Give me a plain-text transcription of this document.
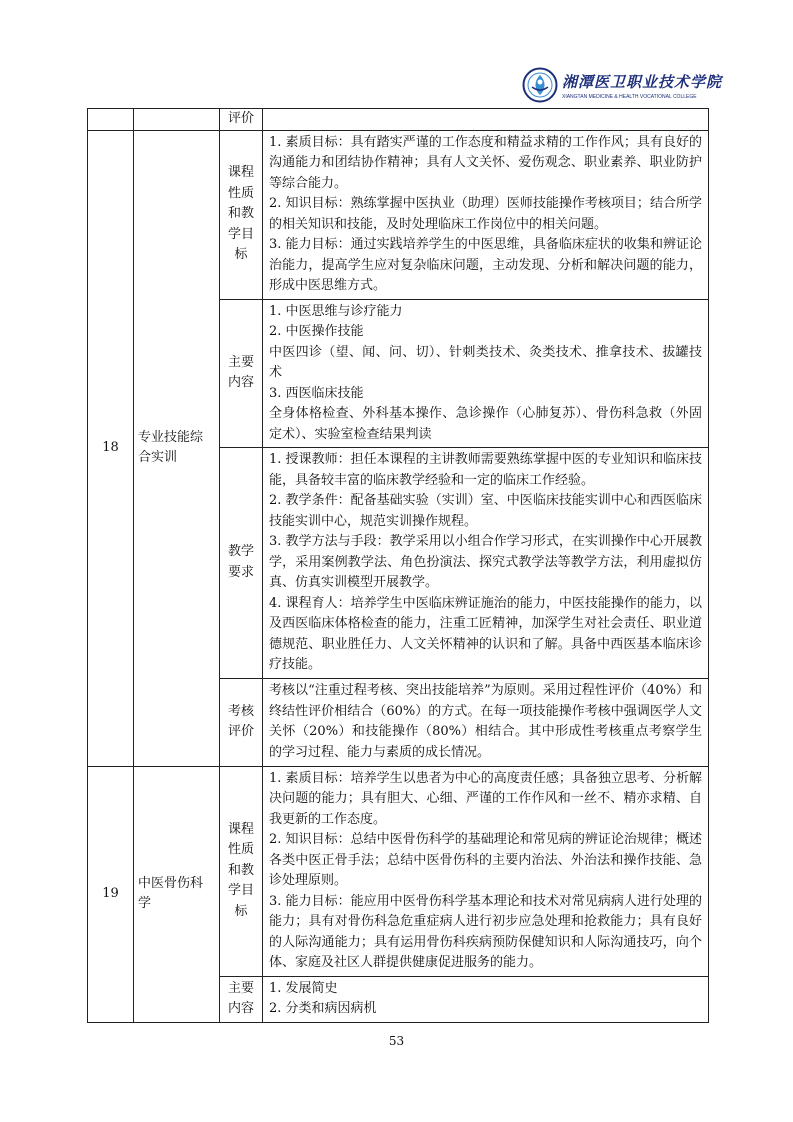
湘潭医卫职业技术学院
XIANGTAN MEDICINE & HEALTH VOCATIONAL COLLEGE
		评价	
18	专业技能综合实训	课程性质和教学目标	1. 素质目标：具有踏实严谨的工作态度和精益求精的工作作风；具有良好的沟通能力和团结协作精神；具有人文关怀、爱伤观念、职业素养、职业防护等综合能力。
2. 知识目标：熟练掌握中医执业（助理）医师技能操作考核项目；结合所学的相关知识和技能，及时处理临床工作岗位中的相关问题。
3. 能力目标：通过实践培养学生的中医思维，具备临床症状的收集和辨证论治能力，提高学生应对复杂临床问题，主动发现、分析和解决问题的能力，形成中医思维方式。

		主要内容	1. 中医思维与诊疗能力
2. 中医操作技能
中医四诊（望、闻、问、切）、针刺类技术、灸类技术、推拿技术、拔罐技术
3. 西医临床技能
全身体格检查、外科基本操作、急诊操作（心肺复苏）、骨伤科急救（外固定术）、实验室检查结果判读

		教学要求	1. 授课教师：担任本课程的主讲教师需要熟练掌握中医的专业知识和临床技能，具备较丰富的临床教学经验和一定的临床工作经验。
2. 教学条件：配备基础实验（实训）室、中医临床技能实训中心和西医临床技能实训中心，规范实训操作规程。
3. 教学方法与手段：教学采用以小组合作学习形式，在实训操作中心开展教学，采用案例教学法、角色扮演法、探究式教学法等教学方法，利用虚拟仿真、仿真实训模型开展教学。
4. 课程育人：培养学生中医临床辨证施治的能力，中医技能操作的能力，以及西医临床体格检查的能力，注重工匠精神，加深学生对社会责任、职业道德规范、职业胜任力、人文关怀精神的认识和了解。具备中西医基本临床诊疗技能。

		考核评价	考核以“注重过程考核、突出技能培养”为原则。采用过程性评价（40%）和终结性评价相结合（60%）的方式。在每一项技能操作考核中强调医学人文关怀（20%）和技能操作（80%）相结合。其中形成性考核重点考察学生的学习过程、能力与素质的成长情况。

19	中医骨伤科学	课程性质和教学目标	1. 素质目标：培养学生以患者为中心的高度责任感；具备独立思考、分析解决问题的能力；具有胆大、心细、严谨的工作作风和一丝不、精亦求精、自我更新的工作态度。
2. 知识目标：总结中医骨伤科学的基础理论和常见病的辨证论治规律；概述各类中医正骨手法；总结中医骨伤科的主要内治法、外治法和操作技能、急诊处理原则。
3. 能力目标：能应用中医骨伤科学基本理论和技术对常见病病人进行处理的能力；具有对骨伤科急危重症病人进行初步应急处理和抢救能力；具有良好的人际沟通能力；具有运用骨伤科疾病预防保健知识和人际沟通技巧，向个体、家庭及社区人群提供健康促进服务的能力。

		主要内容	1. 发展简史
2. 分类和病因病机
53
